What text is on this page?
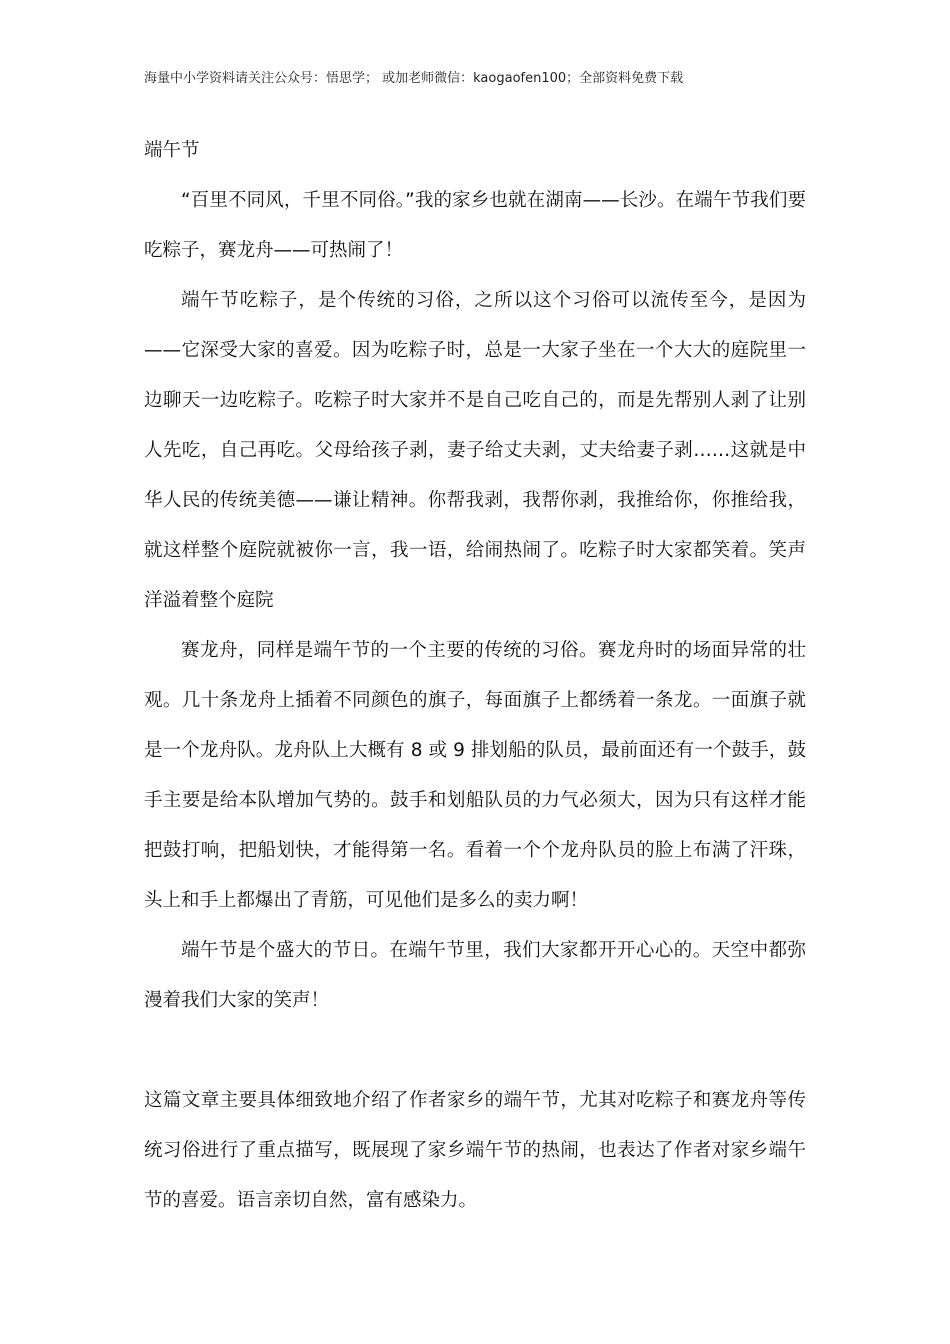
海量中小学资料请关注公众号：悟思学； 或加老师微信：kaogaofen100；全部资料免费下载
端午节

“百里不同风，千里不同俗。”我的家乡也就在湖南——长沙。在端午节我们要吃粽子，赛龙舟——可热闹了！

端午节吃粽子，是个传统的习俗，之所以这个习俗可以流传至今，是因为——它深受大家的喜爱。因为吃粽子时，总是一大家子坐在一个大大的庭院里一边聊天一边吃粽子。吃粽子时大家并不是自己吃自己的，而是先帮别人剥了让别人先吃，自己再吃。父母给孩子剥，妻子给丈夫剥，丈夫给妻子剥……这就是中华人民的传统美德——谦让精神。你帮我剥，我帮你剥，我推给你，你推给我，就这样整个庭院就被你一言，我一语，给闹热闹了。吃粽子时大家都笑着。笑声洋溢着整个庭院

赛龙舟，同样是端午节的一个主要的传统的习俗。赛龙舟时的场面异常的壮观。几十条龙舟上插着不同颜色的旗子，每面旗子上都绣着一条龙。一面旗子就是一个龙舟队。龙舟队上大概有 8 或 9 排划船的队员，最前面还有一个鼓手，鼓手主要是给本队增加气势的。鼓手和划船队员的力气必须大，因为只有这样才能把鼓打响，把船划快，才能得第一名。看着一个个龙舟队员的脸上布满了汗珠，头上和手上都爆出了青筋，可见他们是多么的卖力啊！

端午节是个盛大的节日。在端午节里，我们大家都开开心心的。天空中都弥漫着我们大家的笑声！

这篇文章主要具体细致地介绍了作者家乡的端午节，尤其对吃粽子和赛龙舟等传统习俗进行了重点描写，既展现了家乡端午节的热闹，也表达了作者对家乡端午节的喜爱。语言亲切自然，富有感染力。
